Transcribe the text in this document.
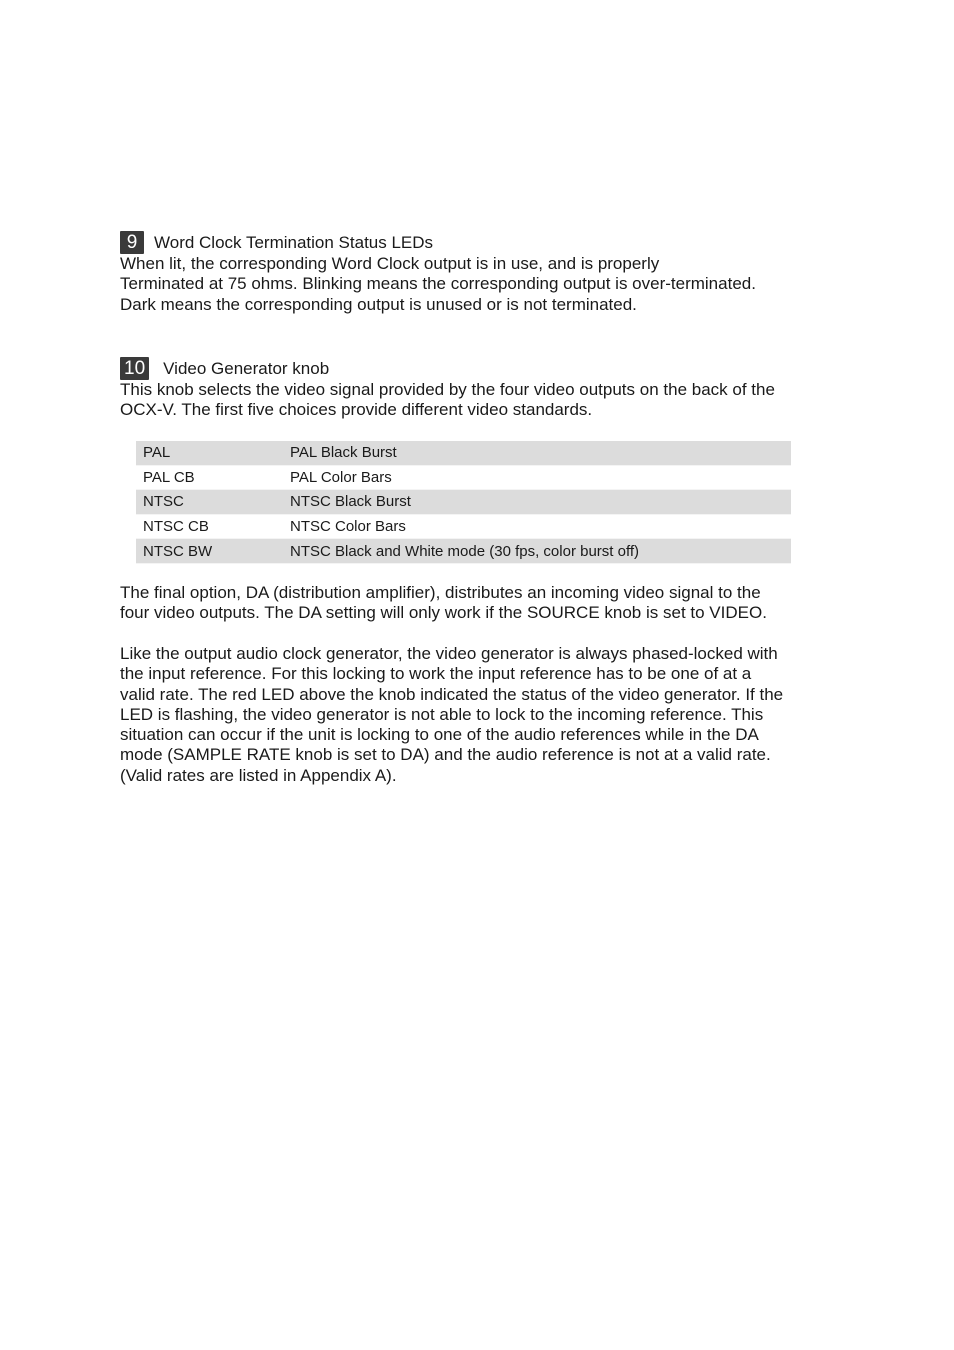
9 Word Clock Termination Status LEDs

When lit, the corresponding Word Clock output is in use, and is properly
Terminated at 75 ohms. Blinking means the corresponding output is over-terminated.
Dark means the corresponding output is unused or is not terminated.

10 Video Generator knob

This knob selects the video signal provided by the four video outputs on the back of the
OCX-V. The first five choices provide different video standards.

PAL	PAL Black Burst
PAL CB	PAL Color Bars
NTSC	NTSC Black Burst
NTSC CB	NTSC Color Bars
NTSC BW	NTSC Black and White mode (30 fps, color burst off)

The final option, DA (distribution amplifier), distributes an incoming video signal to the
four video outputs. The DA setting will only work if the SOURCE knob is set to VIDEO.

Like the output audio clock generator, the video generator is always phased-locked with
the input reference. For this locking to work the input reference has to be one of at a
valid rate. The red LED above the knob indicated the status of the video generator. If the
LED is flashing, the video generator is not able to lock to the incoming reference. This
situation can occur if the unit is locking to one of the audio references while in the DA
mode (SAMPLE RATE knob is set to DA) and the audio reference is not at a valid rate.
(Valid rates are listed in Appendix A).
